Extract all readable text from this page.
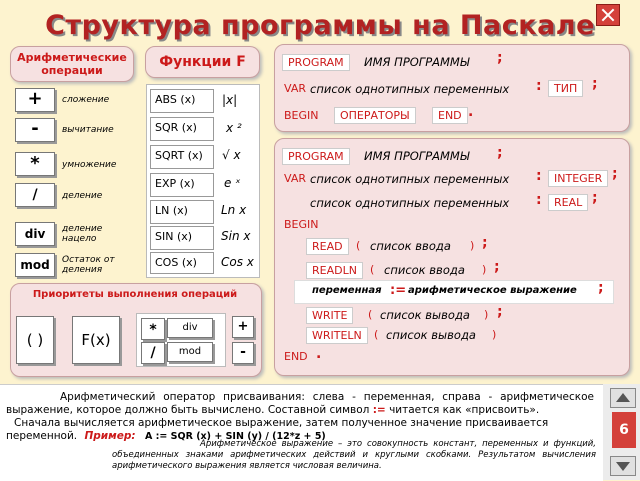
Структура программы на Паскале
Арифметические операции
Функции F
+	сложение
-	вычитание
*	умножение
/	деление
div	деление нацело
mod	Остаток от деления
ABS (x)	|x|
SQR (x)	x ²
SQRT (x)	√ x
EXP (x)	e ˣ
LN (x)	Ln x
SIN (x)	Sin x
COS (x)	Cos x
Приоритеты выполнения операций
( )	F(x)
*	div
/	mod
+
-
PROGRAM	ИМЯ ПРОГРАММЫ ;
VAR список однотипных переменных :	ТИП	;
BEGIN	ОПЕРАТОРЫ	END .
PROGRAM	ИМЯ ПРОГРАММЫ ;
VAR список однотипных переменных :	INTEGER ;
список однотипных переменных :	REAL ;
BEGIN
READ	( список ввода ) ;
READLN	( список ввода ) ;
переменная := арифметическое выражение ;
WRITE	( список вывода ) ;
WRITELN	( список вывода )
END .
Арифметический оператор присваивания: слева - переменная, справа - арифметическое выражение, которое должно быть вычислено. Составной символ := читается как «присвоить».
Сначала вычисляется арифметическое выражение, затем полученное значение присваивается переменной. Пример: A := SQR (x) + SIN (y) / (12*z + 5)
Арифметическое выражение – это совокупность констант, переменных и функций, объединенных знаками арифметических действий и круглыми скобками. Результатом вычисления арифметического выражения является числовая величина.
6
